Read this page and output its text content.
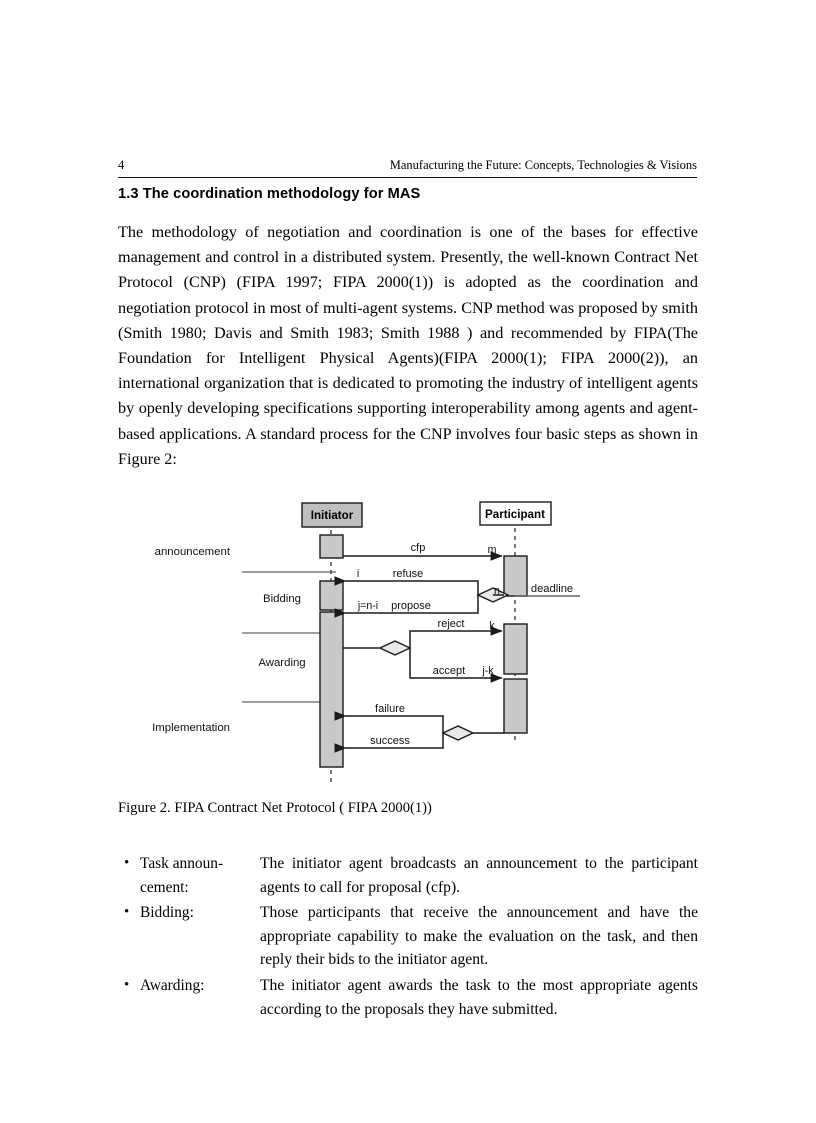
4	Manufacturing the Future: Concepts, Technologies & Visions
1.3 The coordination methodology for MAS
The methodology of negotiation and coordination is one of the bases for effective management and control in a distributed system. Presently, the well-known Contract Net Protocol (CNP) (FIPA 1997; FIPA 2000(1)) is adopted as the coordination and negotiation protocol in most of multi-agent systems. CNP method was proposed by smith (Smith 1980; Davis and Smith 1983; Smith 1988 ) and recommended by FIPA(The Foundation for Intelligent Physical Agents)(FIPA 2000(1); FIPA 2000(2)), an international organization that is dedicated to promoting the industry of intelligent agents by openly developing specifications supporting interoperability among agents and agent-based applications. A standard process for the CNP involves four basic steps as shown in Figure 2:
announcement
Bidding
Awarding
Implementation
Initiator	Participant
cfp	m
refuse
i
propose
j=n-i
n	deadline
reject k
accept j-k
failure
success
Figure 2. FIPA Contract Net Protocol ( FIPA 2000(1))
• Task announ-
cement:
The initiator agent broadcasts an announcement to the participant agents to call for proposal (cfp).
• Bidding:	Those participants that receive the announcement and have the appropriate capability to make the evaluation on the task, and then reply their bids to the initiator agent.
• Awarding:	The initiator agent awards the task to the most appropriate agents according to the proposals they have submitted.
